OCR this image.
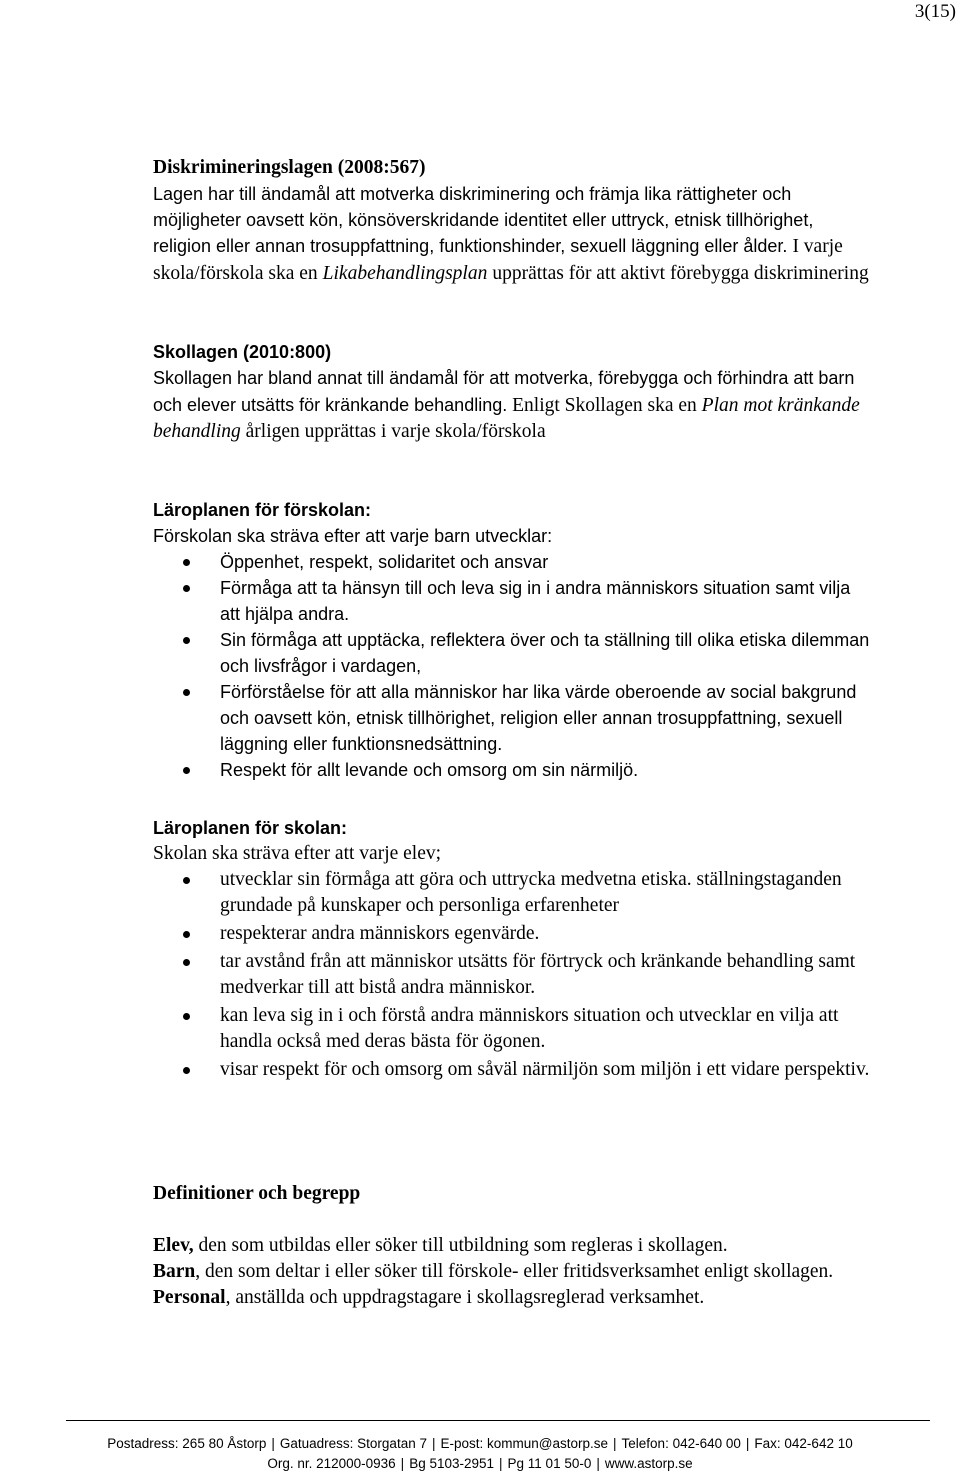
3(15)

Diskrimineringslagen (2008:567)

Lagen har till ändamål att motverka diskriminering och främja lika rättigheter och möjligheter oavsett kön, könsöverskridande identitet eller uttryck, etnisk tillhörighet, religion eller annan trosuppfattning, funktionshinder, sexuell läggning eller ålder. I varje skola/förskola ska en Likabehandlingsplan upprättas för att aktivt förebygga diskriminering

Skollagen (2010:800)

Skollagen har bland annat till ändamål för att motverka, förebygga och förhindra att barn och elever utsätts för kränkande behandling. Enligt Skollagen ska en Plan mot kränkande behandling årligen upprättas i varje skola/förskola

Läroplanen för förskolan:

Förskolan ska sträva efter att varje barn utvecklar:

Öppenhet, respekt, solidaritet och ansvar
Förmåga att ta hänsyn till och leva sig in i andra människors situation samt vilja att hjälpa andra.
Sin förmåga att upptäcka, reflektera över och ta ställning till olika etiska dilemman och livsfrågor i vardagen,
Förförståelse för att alla människor har lika värde oberoende av social bakgrund och oavsett kön, etnisk tillhörighet, religion eller annan trosuppfattning, sexuell läggning eller funktionsnedsättning.
Respekt för allt levande och omsorg om sin närmiljö.

Läroplanen för skolan:

Skolan ska sträva efter att varje elev;

utvecklar sin förmåga att göra och uttrycka medvetna etiska. ställningstaganden grundade på kunskaper och personliga erfarenheter
respekterar andra människors egenvärde.
tar avstånd från att människor utsätts för förtryck och kränkande behandling samt medverkar till att bistå andra människor.
kan leva sig in i och förstå andra människors situation och utvecklar en vilja att handla också med deras bästa för ögonen.
visar respekt för och omsorg om såväl närmiljön som miljön i ett vidare perspektiv.

Definitioner och begrepp

Elev, den som utbildas eller söker till utbildning som regleras i skollagen.

Barn, den som deltar i eller söker till förskole- eller fritidsverksamhet enligt skollagen.

Personal, anställda och uppdragstagare i skollagsreglerad verksamhet.

Postadress: 265 80 Åstorp | Gatuadress: Storgatan 7 | E-post: kommun@astorp.se | Telefon: 042-640 00 | Fax: 042-642 10
Org. nr. 212000-0936 | Bg 5103-2951 | Pg 11 01 50-0 | www.astorp.se
